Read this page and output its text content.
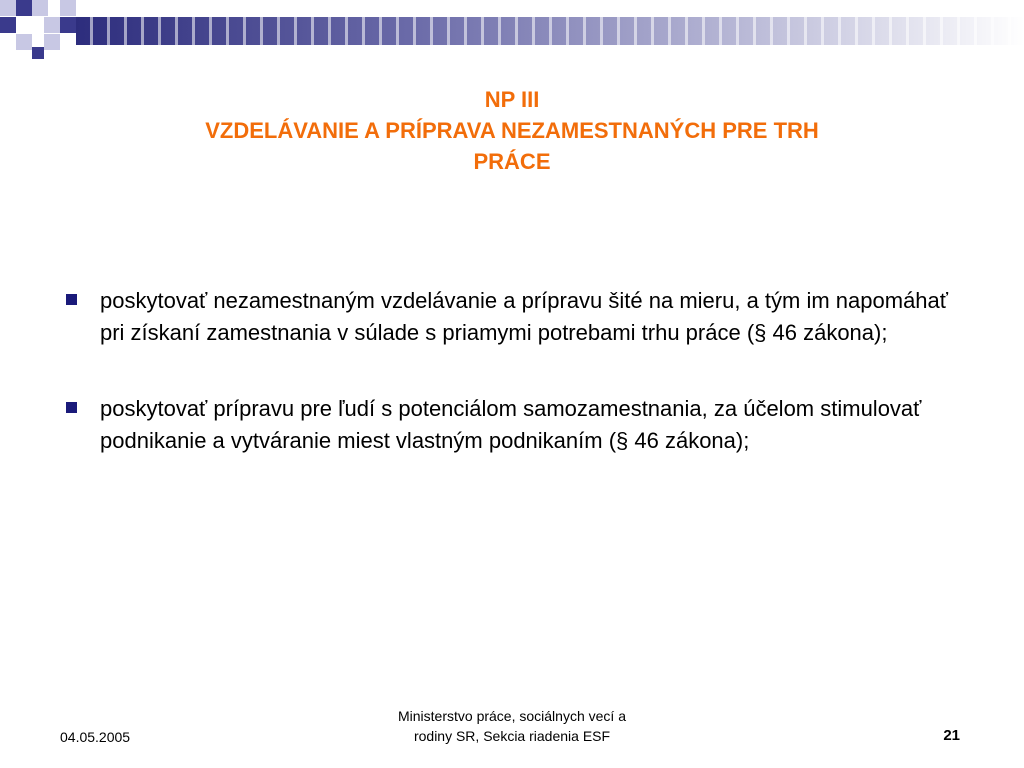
NP III
VZDELÁVANIE A PRÍPRAVA NEZAMESTNANÝCH PRE TRH
PRÁCE
poskytovať nezamestnaným vzdelávanie a prípravu šité na mieru, a tým im napomáhať pri získaní zamestnania v súlade s priamymi potrebami trhu práce (§ 46 zákona);
poskytovať prípravu pre ľudí s potenciálom samozamestnania, za účelom stimulovať podnikanie a vytváranie miest vlastným podnikaním (§ 46 zákona);
04.05.2005
Ministerstvo práce, sociálnych vecí a
rodiny SR, Sekcia riadenia ESF	21
